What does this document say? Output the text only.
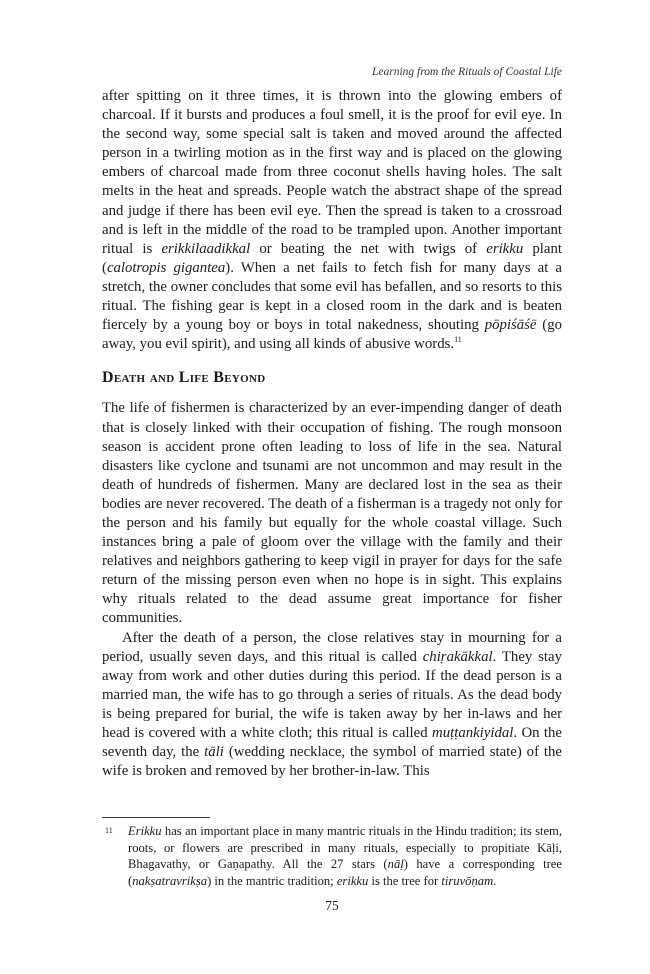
Learning from the Rituals of Coastal Life

after spitting on it three times, it is thrown into the glowing embers of charcoal. If it bursts and produces a foul smell, it is the proof for evil eye. In the second way, some special salt is taken and moved around the affected person in a twirling motion as in the first way and is placed on the glowing embers of charcoal made from three coconut shells having holes. The salt melts in the heat and spreads. People watch the abstract shape of the spread and judge if there has been evil eye. Then the spread is taken to a crossroad and is left in the middle of the road to be trampled upon. Another important ritual is erikkilaadikkal or beating the net with twigs of erikku plant (calotropis gigantea). When a net fails to fetch fish for many days at a stretch, the owner concludes that some evil has befallen, and so resorts to this ritual. The fishing gear is kept in a closed room in the dark and is beaten fiercely by a young boy or boys in total nakedness, shouting pōpiśāśē (go away, you evil spirit), and using all kinds of abusive words.$^{11}$

Death and Life Beyond

The life of fishermen is characterized by an ever-impending danger of death that is closely linked with their occupation of fishing. The rough monsoon season is accident prone often leading to loss of life in the sea. Natural disasters like cyclone and tsunami are not uncommon and may result in the death of hundreds of fishermen. Many are declared lost in the sea as their bodies are never recovered. The death of a fisherman is a tragedy not only for the person and his family but equally for the whole coastal village. Such instances bring a pale of gloom over the village with the family and their relatives and neighbors gathering to keep vigil in prayer for days for the safe return of the missing person even when no hope is in sight. This explains why rituals related to the dead assume great importance for fisher communities.

After the death of a person, the close relatives stay in mourning for a period, usually seven days, and this ritual is called chiṛakākkal. They stay away from work and other duties during this period. If the dead person is a married man, the wife has to go through a series of rituals. As the dead body is being prepared for burial, the wife is taken away by her in-laws and her head is covered with a white cloth; this ritual is called muṭṭankiyidal. On the seventh day, the tāli (wedding necklace, the symbol of married state) of the wife is broken and removed by her brother-in-law. This

11 Erikku has an important place in many mantric rituals in the Hindu tradition; its stem, roots, or flowers are prescribed in many rituals, especially to propitiate Kāḷi, Bhagavathy, or Gaṇapathy. All the 27 stars (nāḷ) have a corresponding tree (nakṣatravrikṣa) in the mantric tradition; erikku is the tree for tiruvōṇam.
75
